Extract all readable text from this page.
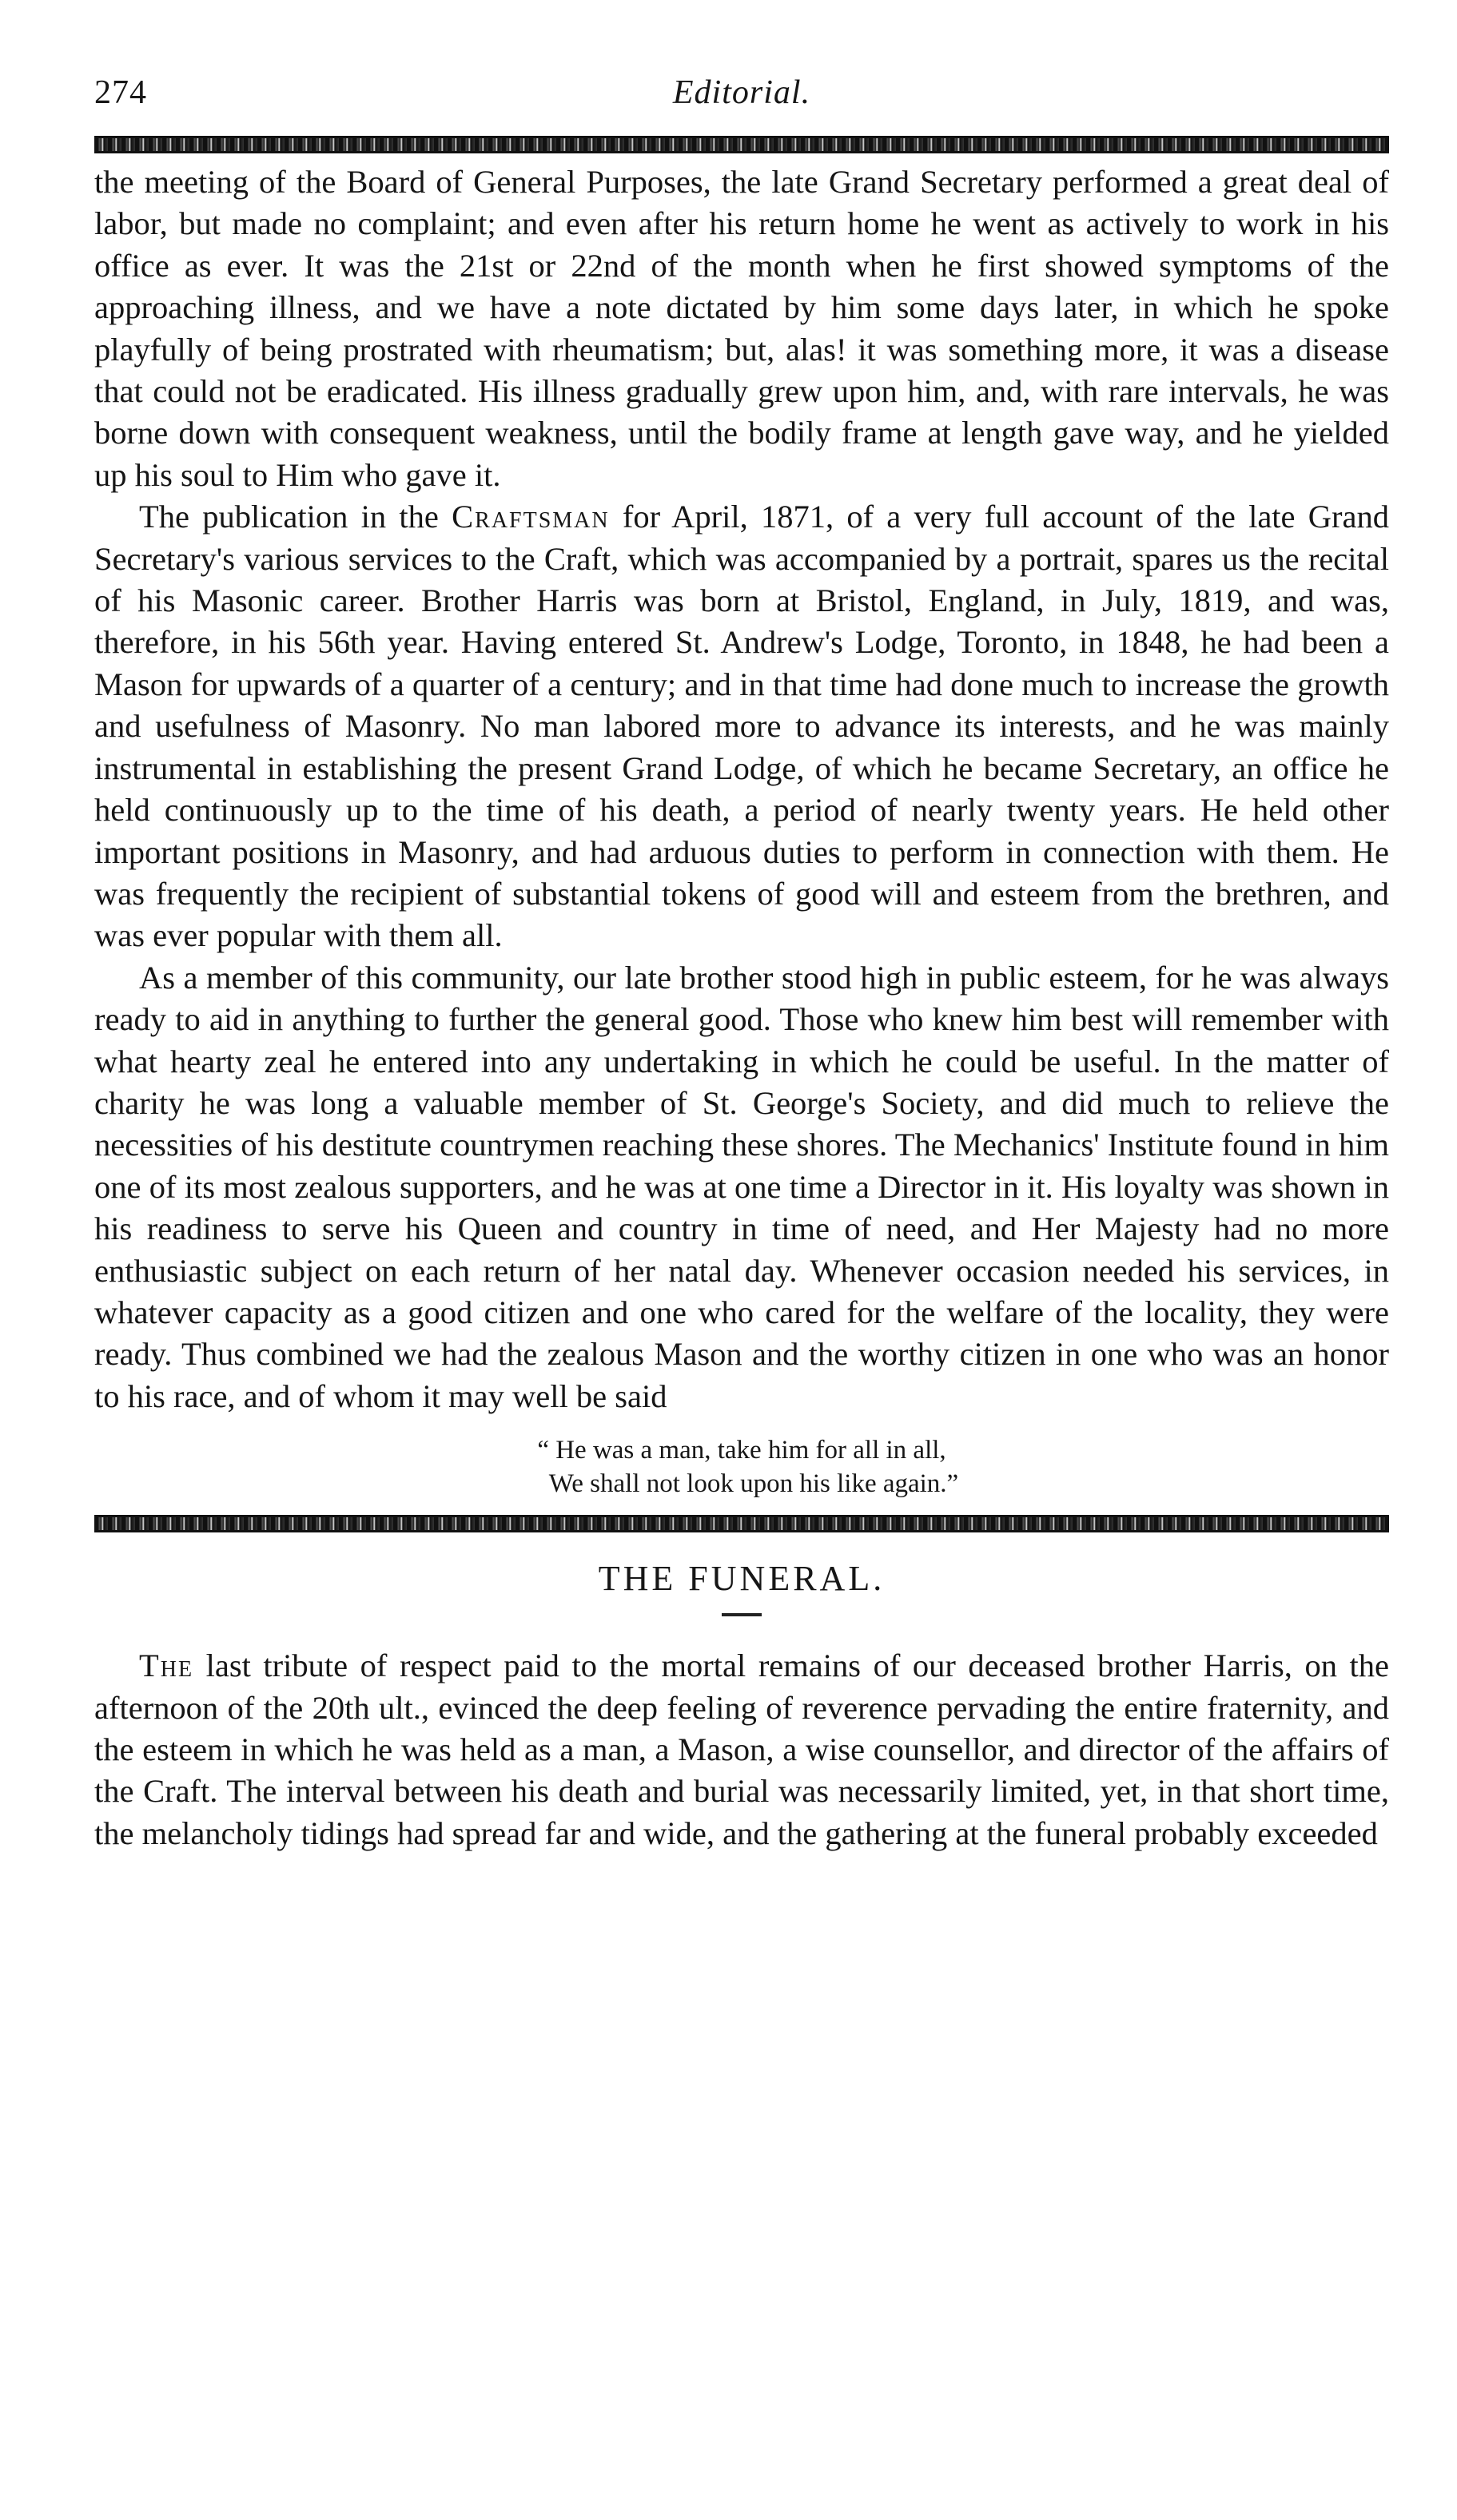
274	Editorial.

the meeting of the Board of General Purposes, the late Grand Secretary performed a great deal of labor, but made no complaint; and even after his return home he went as actively to work in his office as ever. It was the 21st or 22nd of the month when he first showed symptoms of the approaching illness, and we have a note dictated by him some days later, in which he spoke playfully of being prostrated with rheumatism; but, alas! it was something more, it was a disease that could not be eradicated. His illness gradually grew upon him, and, with rare intervals, he was borne down with consequent weakness, until the bodily frame at length gave way, and he yielded up his soul to Him who gave it.

The publication in the Craftsman for April, 1871, of a very full account of the late Grand Secretary's various services to the Craft, which was accompanied by a portrait, spares us the recital of his Masonic career. Brother Harris was born at Bristol, England, in July, 1819, and was, therefore, in his 56th year. Having entered St. Andrew's Lodge, Toronto, in 1848, he had been a Mason for upwards of a quarter of a century; and in that time had done much to increase the growth and usefulness of Masonry. No man labored more to advance its interests, and he was mainly instrumental in establishing the present Grand Lodge, of which he became Secretary, an office he held continuously up to the time of his death, a period of nearly twenty years. He held other important positions in Masonry, and had arduous duties to perform in connection with them. He was frequently the recipient of substantial tokens of good will and esteem from the brethren, and was ever popular with them all.

As a member of this community, our late brother stood high in public esteem, for he was always ready to aid in anything to further the general good. Those who knew him best will remember with what hearty zeal he entered into any undertaking in which he could be useful. In the matter of charity he was long a valuable member of St. George's Society, and did much to relieve the necessities of his destitute countrymen reaching these shores. The Mechanics' Institute found in him one of its most zealous supporters, and he was at one time a Director in it. His loyalty was shown in his readiness to serve his Queen and country in time of need, and Her Majesty had no more enthusiastic subject on each return of her natal day. Whenever occasion needed his services, in whatever capacity as a good citizen and one who cared for the welfare of the locality, they were ready. Thus combined we had the zealous Mason and the worthy citizen in one who was an honor to his race, and of whom it may well be said

“ He was a man, take him for all in all,
We shall not look upon his like again.”
THE FUNERAL.

The last tribute of respect paid to the mortal remains of our deceased brother Harris, on the afternoon of the 20th ult., evinced the deep feeling of reverence pervading the entire fraternity, and the esteem in which he was held as a man, a Mason, a wise counsellor, and director of the affairs of the Craft. The interval between his death and burial was necessarily limited, yet, in that short time, the melancholy tidings had spread far and wide, and the gathering at the funeral probably exceeded
